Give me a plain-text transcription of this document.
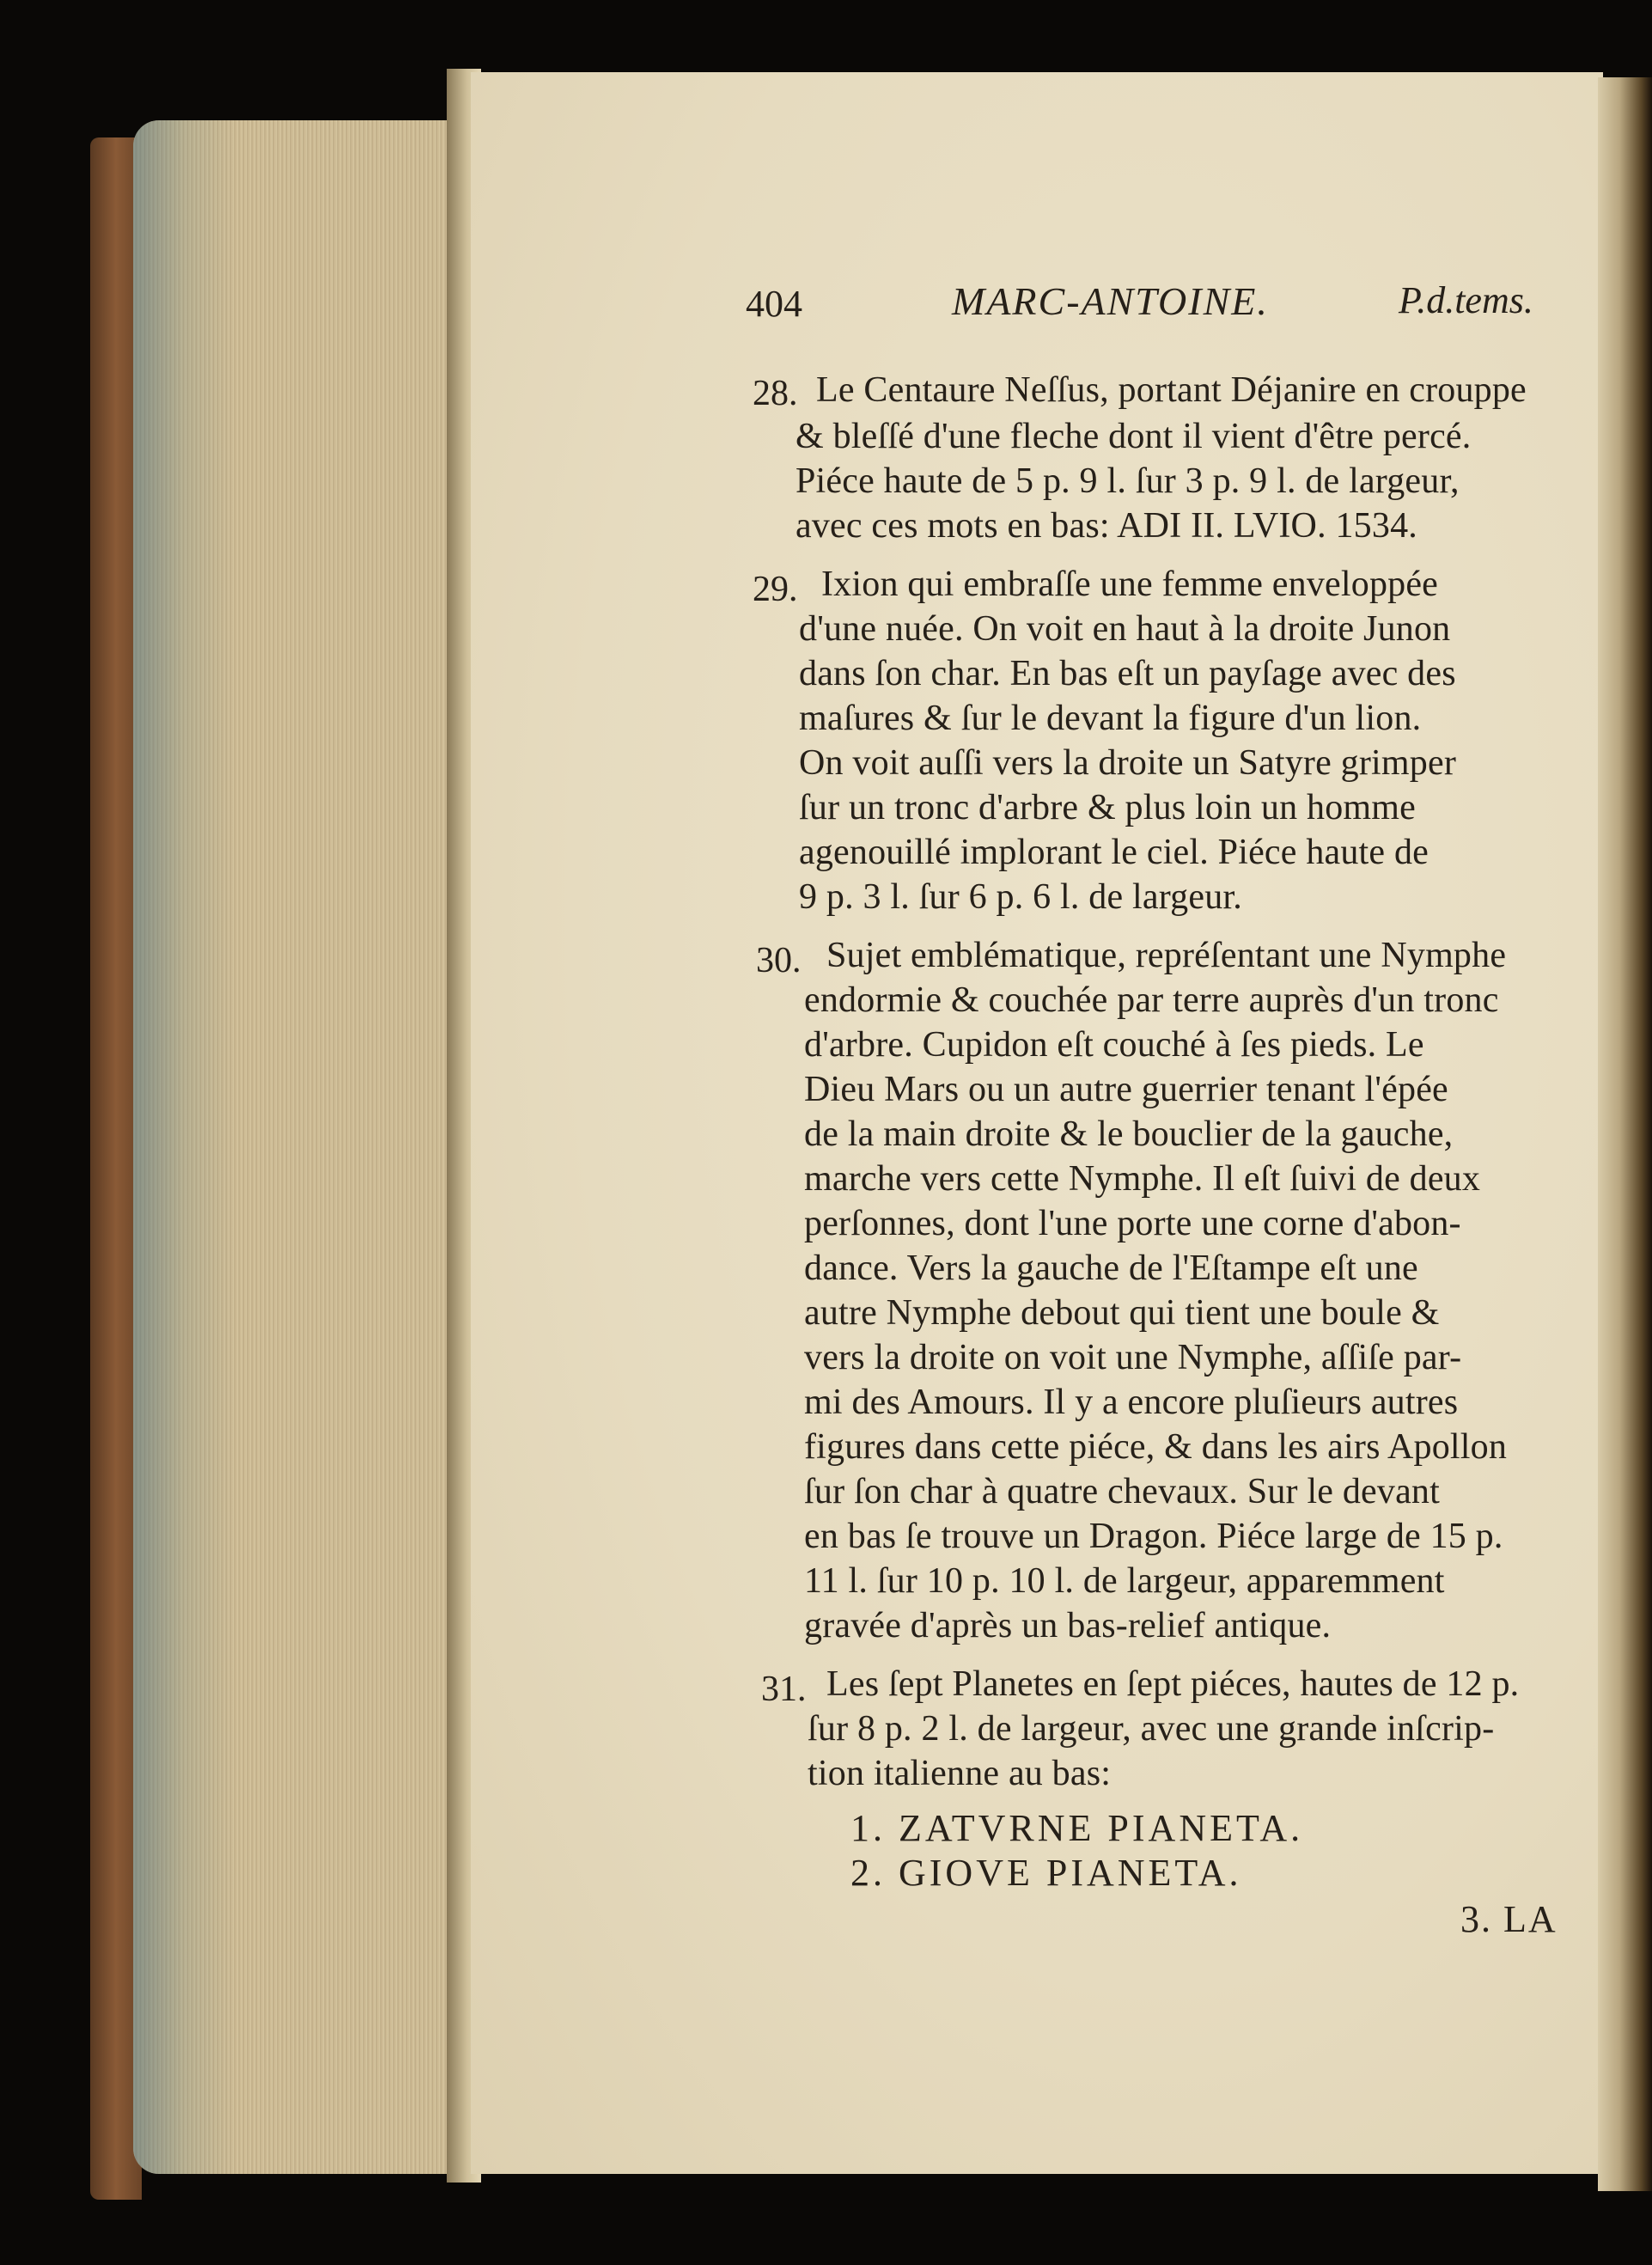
404	MARC-ANTOINE.	P.d.tems.
28. Le Centaure Neſſus, portant Déjanire en crouppe
& bleſſé d'une fleche dont il vient d'être percé.
Piéce haute de 5 p. 9 l. ſur 3 p. 9 l. de largeur,
avec ces mots en bas: ADI II. LVIO. 1534.
29. Ixion qui embraſſe une femme enveloppée
d'une nuée. On voit en haut à la droite Junon
dans ſon char. En bas eſt un payſage avec des
maſures & ſur le devant la figure d'un lion.
On voit auſſi vers la droite un Satyre grimper
ſur un tronc d'arbre & plus loin un homme
agenouillé implorant le ciel. Piéce haute de
9 p. 3 l. ſur 6 p. 6 l. de largeur.
30. Sujet emblématique, repréſentant une Nymphe
endormie & couchée par terre auprès d'un tronc
d'arbre. Cupidon eſt couché à ſes pieds. Le
Dieu Mars ou un autre guerrier tenant l'épée
de la main droite & le bouclier de la gauche,
marche vers cette Nymphe. Il eſt ſuivi de deux
perſonnes, dont l'une porte une corne d'abon-
dance. Vers la gauche de l'Eſtampe eſt une
autre Nymphe debout qui tient une boule &
vers la droite on voit une Nymphe, aſſiſe par-
mi des Amours. Il y a encore pluſieurs autres
figures dans cette piéce, & dans les airs Apollon
ſur ſon char à quatre chevaux. Sur le devant
en bas ſe trouve un Dragon. Piéce large de 15 p.
11 l. ſur 10 p. 10 l. de largeur, apparemment
gravée d'après un bas-relief antique.
31. Les ſept Planetes en ſept piéces, hautes de 12 p.
ſur 8 p. 2 l. de largeur, avec une grande inſcrip-
tion italienne au bas:
1. ZATVRNE PIANETA.
2. GIOVE PIANETA.
3. LA
